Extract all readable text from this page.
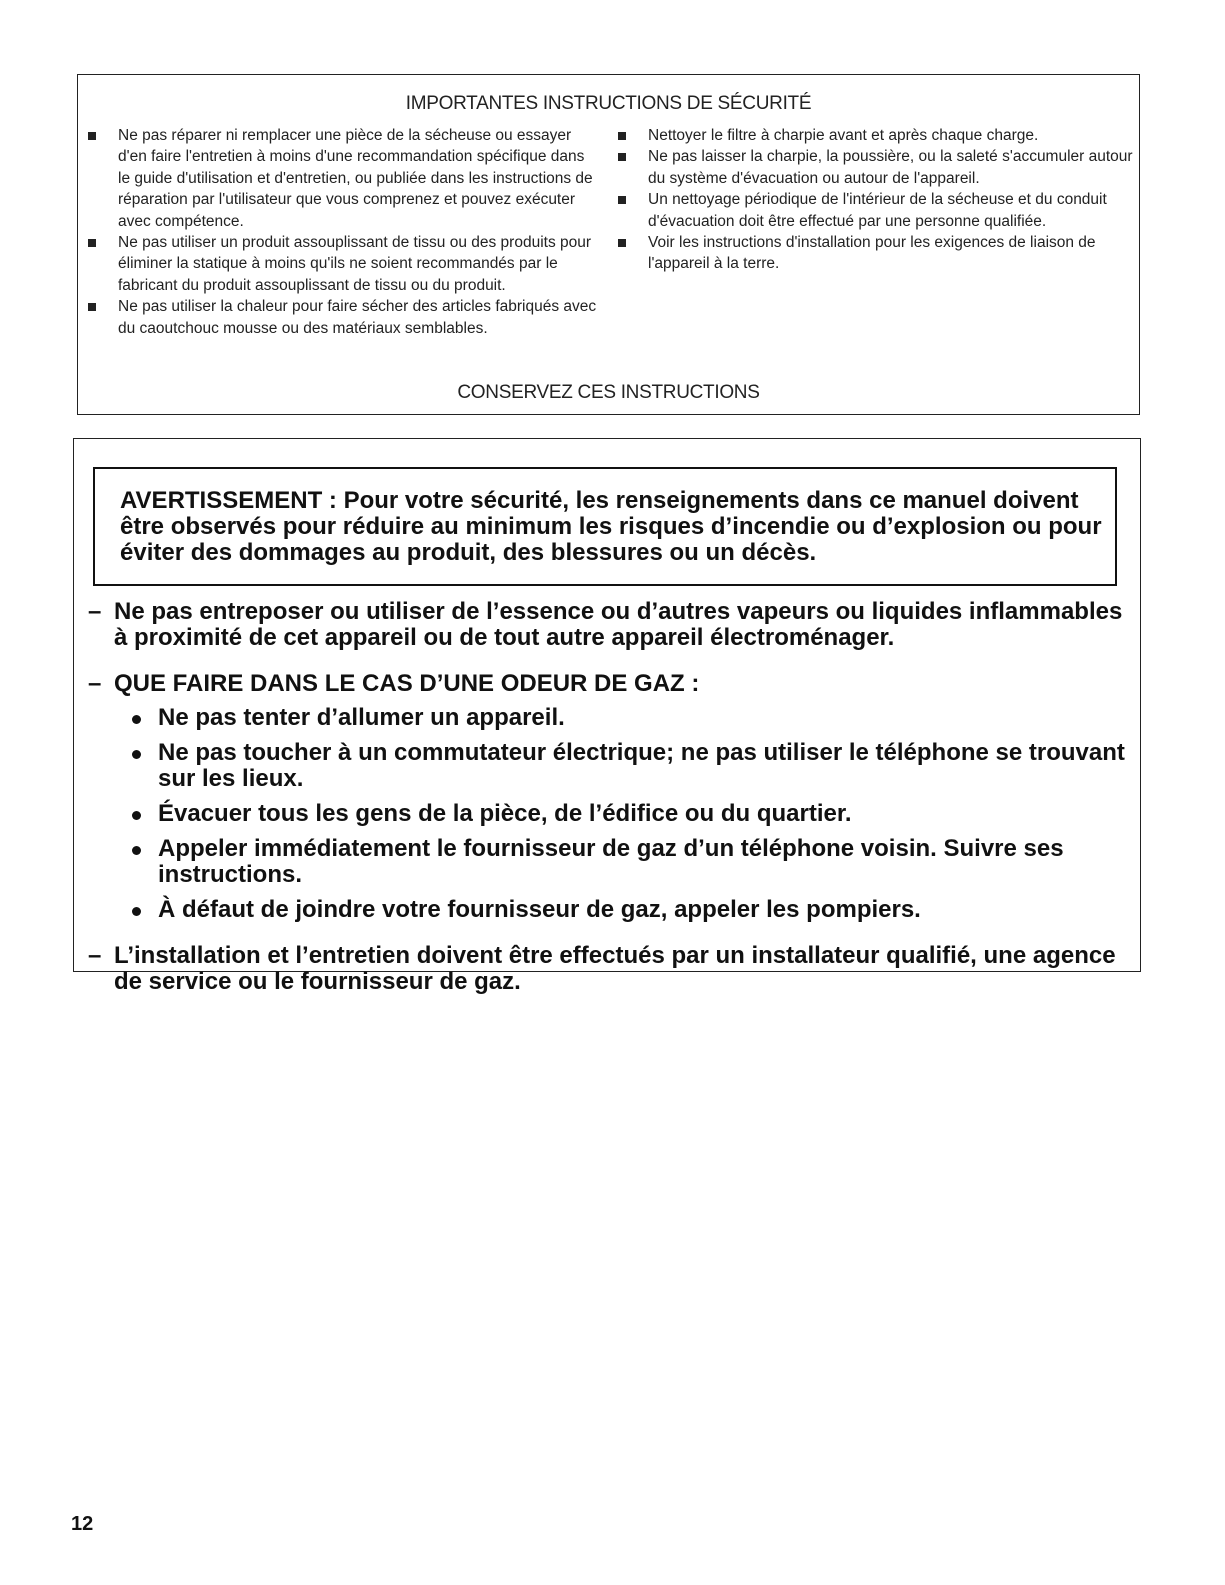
IMPORTANTES INSTRUCTIONS DE SÉCURITÉ
Ne pas réparer ni remplacer une pièce de la sécheuse ou essayer d'en faire l'entretien à moins d'une recommandation spécifique dans le guide d'utilisation et d'entretien, ou publiée dans les instructions de réparation par l'utilisateur que vous comprenez et pouvez exécuter avec compétence.
Ne pas utiliser un produit assouplissant de tissu ou des produits pour éliminer la statique à moins qu'ils ne soient recommandés par le fabricant du produit assouplissant de tissu ou du produit.
Ne pas utiliser la chaleur pour faire sécher des articles fabriqués avec du caoutchouc mousse ou des matériaux semblables.
Nettoyer le filtre à charpie avant et après chaque charge.
Ne pas laisser la charpie, la poussière, ou la saleté s'accumuler autour du système d'évacuation ou autour de l'appareil.
Un nettoyage périodique de l'intérieur de la sécheuse et du conduit d'évacuation doit être effectué par une personne qualifiée.
Voir les instructions d'installation pour les exigences de liaison de l'appareil à la terre.
CONSERVEZ CES INSTRUCTIONS
AVERTISSEMENT : Pour votre sécurité, les renseignements dans ce manuel doivent être observés pour réduire au minimum les risques d’incendie ou d’explosion ou pour éviter des dommages au produit, des blessures ou un décès.
– Ne pas entreposer ou utiliser de l’essence ou d’autres vapeurs ou liquides inflammables à proximité de cet appareil ou de tout autre appareil électroménager.
– QUE FAIRE DANS LE CAS D’UNE ODEUR DE GAZ :
Ne pas tenter d’allumer un appareil.
Ne pas toucher à un commutateur électrique; ne pas utiliser le téléphone se trouvant sur les lieux.
Évacuer tous les gens de la pièce, de l’édifice ou du quartier.
Appeler immédiatement le fournisseur de gaz d’un téléphone voisin. Suivre ses instructions.
À défaut de joindre votre fournisseur de gaz, appeler les pompiers.
– L’installation et l’entretien doivent être effectués par un installateur qualifié, une agence de service ou le fournisseur de gaz.
12
